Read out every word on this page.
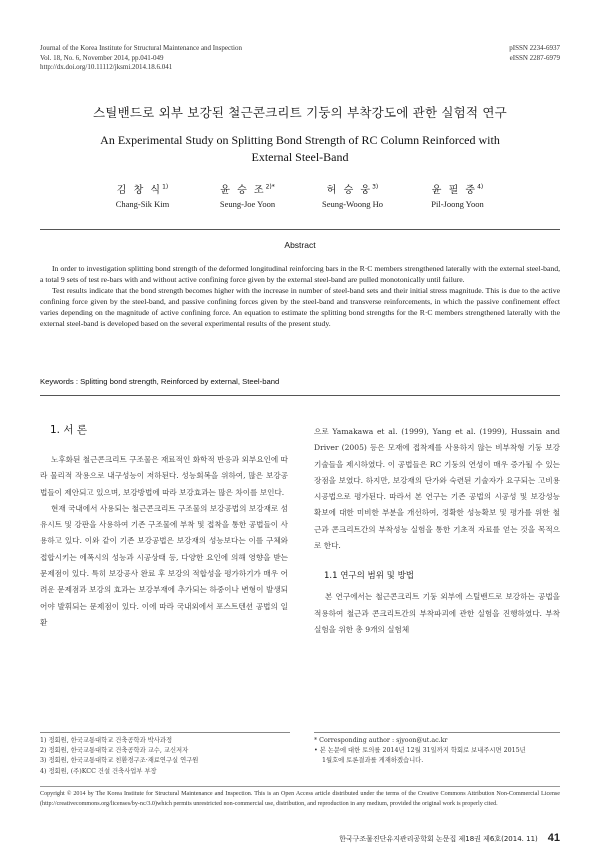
Journal of the Korea Institute for Structural Maintenance and Inspection
Vol. 18, No. 6, November 2014, pp.041-049
http://dx.doi.org/10.11112/jksmi.2014.18.6.041
pISSN 2234-6937
eISSN 2287-6979
스틸밴드로 외부 보강된 철근콘크리트 기둥의 부착강도에 관한 실험적 연구
An Experimental Study on Splitting Bond Strength of RC Column Reinforced with
External Steel-Band
김 창 식$^{1)}$
Chang-Sik Kim
윤 승 조$^{2)*}$
Seung-Joe Yoon
허 승 웅$^{3)}$
Seung-Woong Ho
윤 필 중$^{4)}$
Pil-Joong Yoon
Abstract

In order to investigation splitting bond strength of the deformed longitudinal reinforcing bars in the R·C members strengthened laterally with the external steel-band, a total 9 sets of test re-bars with and without active confining force given by the external steel-band are pulled monotonically until failure.

Test results indicate that the bond strength becomes higher with the increase in number of steel-band sets and their initial stress magnitude. This is due to the active confining force given by the steel-band, and passive confining forces given by the steel-band and transverse reinforcements, in which the passive confinement effect varies depending on the magnitude of active confining force. An equation to estimate the splitting bond strengths for the R·C members strengthened laterally with the external steel-band is developed based on the several experimental results of the present study.

Keywords : Splitting bond strength, Reinforced by external, Steel-band
1. 서 론

노후화된 철근콘크리트 구조물은 재료적인 화학적 반응과 외부요인에 따라 물리적 작용으로 내구성능이 저하된다. 성능회복을 위하여, 많은 보강공법들이 제안되고 있으며, 보강방법에 따라 보강효과는 많은 차이를 보인다.

현재 국내에서 사용되는 철근콘크리트 구조물의 보강공법의 보강재로 섬유시트 및 강판을 사용하여 기존 구조물에 부착 및 접착을 통한 공법들이 사용하고 있다. 이와 같이 기존 보강공법은 보강재의 성능보다는 이를 구체와 접합시키는 에폭시의 성능과 시공상태 등, 다양한 요인에 의해 영향을 받는 문제점이 있다. 특히 보강공사 완료 후 보강의 적합성을 평가하기가 매우 어려운 문제점과 보강의 효과는 보강부재에 추가되는 하중이나 변형이 발생되어야 발휘되는 문제점이 있다. 이에 따라 국내외에서 포스트텐션 공법의 일환

으로 Yamakawa et al. (1999), Yang et al. (1999), Hussain and Driver (2005) 등은 모재에 접착제를 사용하지 않는 비부착형 기둥 보강기술들을 제시하였다. 이 공법들은 RC 기둥의 연성이 매우 증가될 수 있는 장점을 보였다. 하지만, 보강재의 단가와 숙련된 기술자가 요구되는 고비용 시공법으로 평가된다. 따라서 본 연구는 기존 공법의 시공성 및 보강성능 확보에 대한 미비한 부분을 개선하여, 정확한 성능확보 및 평가를 위한 철근과 콘크리트간의 부착성능 실험을 통한 기초적 자료를 얻는 것을 목적으로 한다.

1.1 연구의 범위 및 방법

본 연구에서는 철근콘크리트 기둥 외부에 스틸밴드로 보강하는 공법을 적용하여 철근과 콘크리트간의 부착파괴에 관한 실험을 진행하였다. 부착실험을 위한 총 9개의 실험체

1) 정회원, 한국교통대학교 건축공학과 박사과정
2) 정회원, 한국교통대학교 건축공학과 교수, 교신저자
3) 정회원, 한국교통대학교 친환경구조·재료연구실 연구원
4) 정회원, (주)KCC 건설 건축사업부 부장
* Corresponding author : sjyoon@ut.ac.kr
• 본 논문에 대한 토의를 2014년 12월 31일까지 학회로 보내주시면 2015년
1월호에 토론결과를 게재하겠습니다.
Copyright © 2014 by The Korea Institute for Structural Maintenance and Inspection. This is an Open Access article distributed under the terms of the Creative Commons Attribution Non-Commercial License (http://creativecommons.org/licenses/by-nc/3.0)which permits unrestricted non-commercial use, distribution, and reproduction in any medium, provided the original work is properly cited.
한국구조물진단유지관리공학회 논문집 제18권 제6호(2014. 11) 41
